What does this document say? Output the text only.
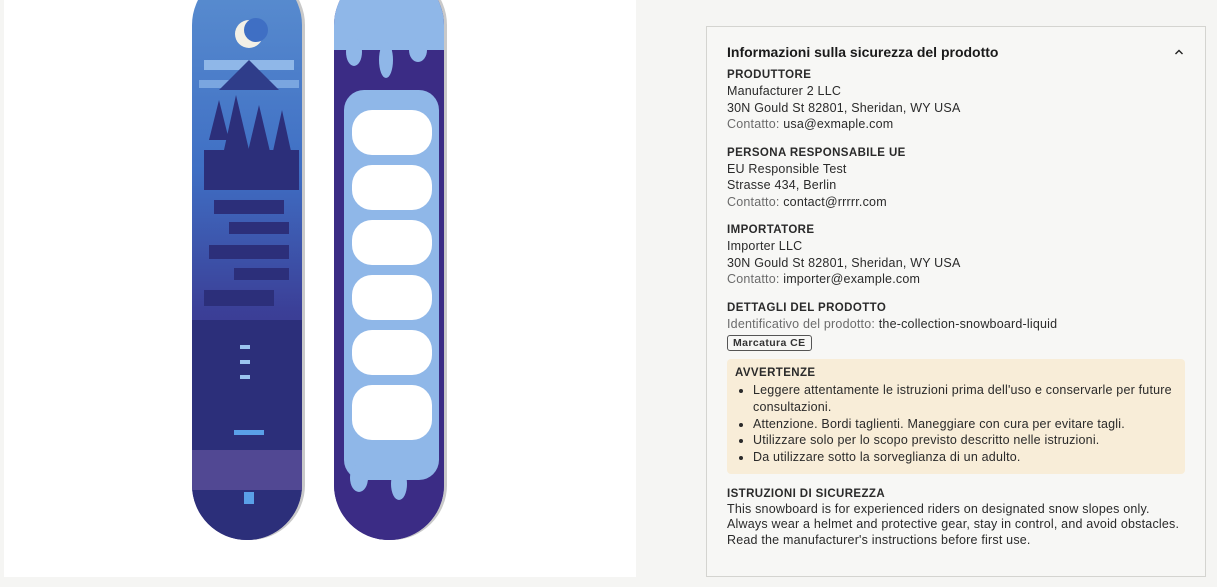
Informazioni sulla sicurezza del prodotto
PRODUTTORE
Manufacturer 2 LLC
30N Gould St 82801, Sheridan, WY USA
Contatto: usa@exmaple.com
PERSONA RESPONSABILE UE
EU Responsible Test
Strasse 434, Berlin
Contatto: contact@rrrrr.com
IMPORTATORE
Importer LLC
30N Gould St 82801, Sheridan, WY USA
Contatto: importer@example.com
DETTAGLI DEL PRODOTTO
Identificativo del prodotto: the-collection-snowboard-liquid
Marcatura CE
AVVERTENZE
• Leggere attentamente le istruzioni prima dell'uso e conservarle per future consultazioni.
• Attenzione. Bordi taglienti. Maneggiare con cura per evitare tagli.
• Utilizzare solo per lo scopo previsto descritto nelle istruzioni.
• Da utilizzare sotto la sorveglianza di un adulto.
ISTRUZIONI DI SICUREZZA
This snowboard is for experienced riders on designated snow slopes only. Always wear a helmet and protective gear, stay in control, and avoid obstacles. Read the manufacturer's instructions before first use.
